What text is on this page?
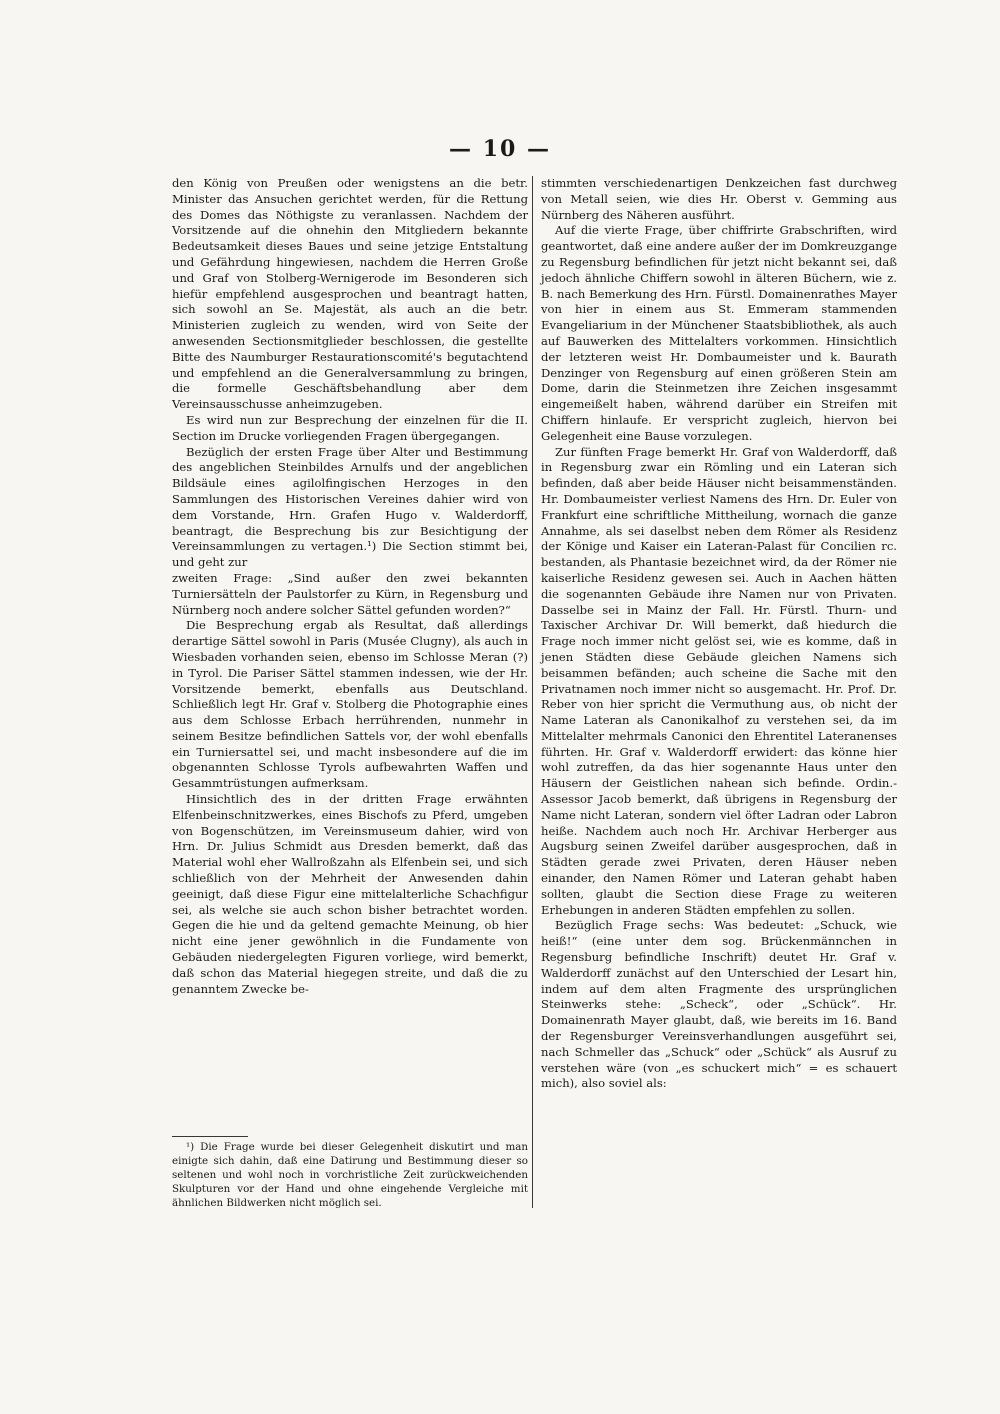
— 10 —

den König von Preußen oder wenigstens an die betr. Minister das Ansuchen gerichtet werden, für die Rettung des Domes das Nöthigste zu veranlassen. Nachdem der Vorsitzende auf die ohnehin den Mitgliedern bekannte Bedeutsamkeit dieses Baues und seine jetzige Entstaltung und Gefährdung hingewiesen, nachdem die Herren Große und Graf von Stolberg-Wernigerode im Besonderen sich hiefür empfehlend ausgesprochen und beantragt hatten, sich sowohl an Se. Majestät, als auch an die betr. Ministerien zugleich zu wenden, wird von Seite der anwesenden Sectionsmitglieder beschlossen, die gestellte Bitte des Naumburger Restaurationscomité's begutachtend und empfehlend an die Generalversammlung zu bringen, die formelle Geschäftsbehandlung aber dem Vereinsausschusse anheimzugeben.

Es wird nun zur Besprechung der einzelnen für die II. Section im Drucke vorliegenden Fragen übergegangen.

Bezüglich der ersten Frage über Alter und Bestimmung des angeblichen Steinbildes Arnulfs und der angeblichen Bildsäule eines agilolfingischen Herzoges in den Sammlungen des Historischen Vereines dahier wird von dem Vorstande, Hrn. Grafen Hugo v. Walderdorff, beantragt, die Besprechung bis zur Besichtigung der Vereinsammlungen zu vertagen.¹) Die Section stimmt bei, und geht zur

zweiten Frage: „Sind außer den zwei bekannten Turniersätteln der Paulstorfer zu Kürn, in Regensburg und Nürnberg noch andere solcher Sättel gefunden worden?“

Die Besprechung ergab als Resultat, daß allerdings derartige Sättel sowohl in Paris (Musée Clugny), als auch in Wiesbaden vorhanden seien, ebenso im Schlosse Meran (?) in Tyrol. Die Pariser Sättel stammen indessen, wie der Hr. Vorsitzende bemerkt, ebenfalls aus Deutschland. Schließlich legt Hr. Graf v. Stolberg die Photographie eines aus dem Schlosse Erbach herrührenden, nunmehr in seinem Besitze befindlichen Sattels vor, der wohl ebenfalls ein Turniersattel sei, und macht insbesondere auf die im obgenannten Schlosse Tyrols aufbewahrten Waffen und Gesammtrüstungen aufmerksam.

Hinsichtlich des in der dritten Frage erwähnten Elfenbeinschnitzwerkes, eines Bischofs zu Pferd, umgeben von Bogenschützen, im Vereinsmuseum dahier, wird von Hrn. Dr. Julius Schmidt aus Dresden bemerkt, daß das Material wohl eher Wallroßzahn als Elfenbein sei, und sich schließlich von der Mehrheit der Anwesenden dahin geeinigt, daß diese Figur eine mittelalterliche Schachfigur sei, als welche sie auch schon bisher betrachtet worden. Gegen die hie und da geltend gemachte Meinung, ob hier nicht eine jener gewöhnlich in die Fundamente von Gebäuden niedergelegten Figuren vorliege, wird bemerkt, daß schon das Material hiegegen streite, und daß die zu genanntem Zwecke be-

stimmten verschiedenartigen Denkzeichen fast durchweg von Metall seien, wie dies Hr. Oberst v. Gemming aus Nürnberg des Näheren ausführt.

Auf die vierte Frage, über chiffrirte Grabschriften, wird geantwortet, daß eine andere außer der im Domkreuzgange zu Regensburg befindlichen für jetzt nicht bekannt sei, daß jedoch ähnliche Chiffern sowohl in älteren Büchern, wie z. B. nach Bemerkung des Hrn. Fürstl. Domainenrathes Mayer von hier in einem aus St. Emmeram stammenden Evangeliarium in der Münchener Staatsbibliothek, als auch auf Bauwerken des Mittelalters vorkommen. Hinsichtlich der letzteren weist Hr. Dombaumeister und k. Baurath Denzinger von Regensburg auf einen größeren Stein am Dome, darin die Steinmetzen ihre Zeichen insgesammt eingemeißelt haben, während darüber ein Streifen mit Chiffern hinlaufe. Er verspricht zugleich, hiervon bei Gelegenheit eine Bause vorzulegen.

Zur fünften Frage bemerkt Hr. Graf von Walderdorff, daß in Regensburg zwar ein Römling und ein Lateran sich befinden, daß aber beide Häuser nicht beisammenständen. Hr. Dombaumeister verliest Namens des Hrn. Dr. Euler von Frankfurt eine schriftliche Mittheilung, wornach die ganze Annahme, als sei daselbst neben dem Römer als Residenz der Könige und Kaiser ein Lateran-Palast für Concilien rc. bestanden, als Phantasie bezeichnet wird, da der Römer nie kaiserliche Residenz gewesen sei. Auch in Aachen hätten die sogenannten Gebäude ihre Namen nur von Privaten. Dasselbe sei in Mainz der Fall. Hr. Fürstl. Thurn- und Taxischer Archivar Dr. Will bemerkt, daß hiedurch die Frage noch immer nicht gelöst sei, wie es komme, daß in jenen Städten diese Gebäude gleichen Namens sich beisammen befänden; auch scheine die Sache mit den Privatnamen noch immer nicht so ausgemacht. Hr. Prof. Dr. Reber von hier spricht die Vermuthung aus, ob nicht der Name Lateran als Canonikalhof zu verstehen sei, da im Mittelalter mehrmals Canonici den Ehrentitel Lateranenses führten. Hr. Graf v. Walderdorff erwidert: das könne hier wohl zutreffen, da das hier sogenannte Haus unter den Häusern der Geistlichen nahean sich befinde. Ordin.-Assessor Jacob bemerkt, daß übrigens in Regensburg der Name nicht Lateran, sondern viel öfter Ladran oder Labron heiße. Nachdem auch noch Hr. Archivar Herberger aus Augsburg seinen Zweifel darüber ausgesprochen, daß in Städten gerade zwei Privaten, deren Häuser neben einander, den Namen Römer und Lateran gehabt haben sollten, glaubt die Section diese Frage zu weiteren Erhebungen in anderen Städten empfehlen zu sollen.

Bezüglich Frage sechs: Was bedeutet: „Schuck, wie heiß!“ (eine unter dem sog. Brückenmännchen in Regensburg befindliche Inschrift) deutet Hr. Graf v. Walderdorff zunächst auf den Unterschied der Lesart hin, indem auf dem alten Fragmente des ursprünglichen Steinwerks stehe: „Scheck“, oder „Schück“. Hr. Domainenrath Mayer glaubt, daß, wie bereits im 16. Band der Regensburger Vereinsverhandlungen ausgeführt sei, nach Schmeller das „Schuck“ oder „Schück“ als Ausruf zu verstehen wäre (von „es schuckert mich“ = es schauert mich), also soviel als:

¹) Die Frage wurde bei dieser Gelegenheit diskutirt und man einigte sich dahin, daß eine Datirung und Bestimmung dieser so seltenen und wohl noch in vorchristliche Zeit zurückweichenden Skulpturen vor der Hand und ohne eingehende Vergleiche mit ähnlichen Bildwerken nicht möglich sei.
